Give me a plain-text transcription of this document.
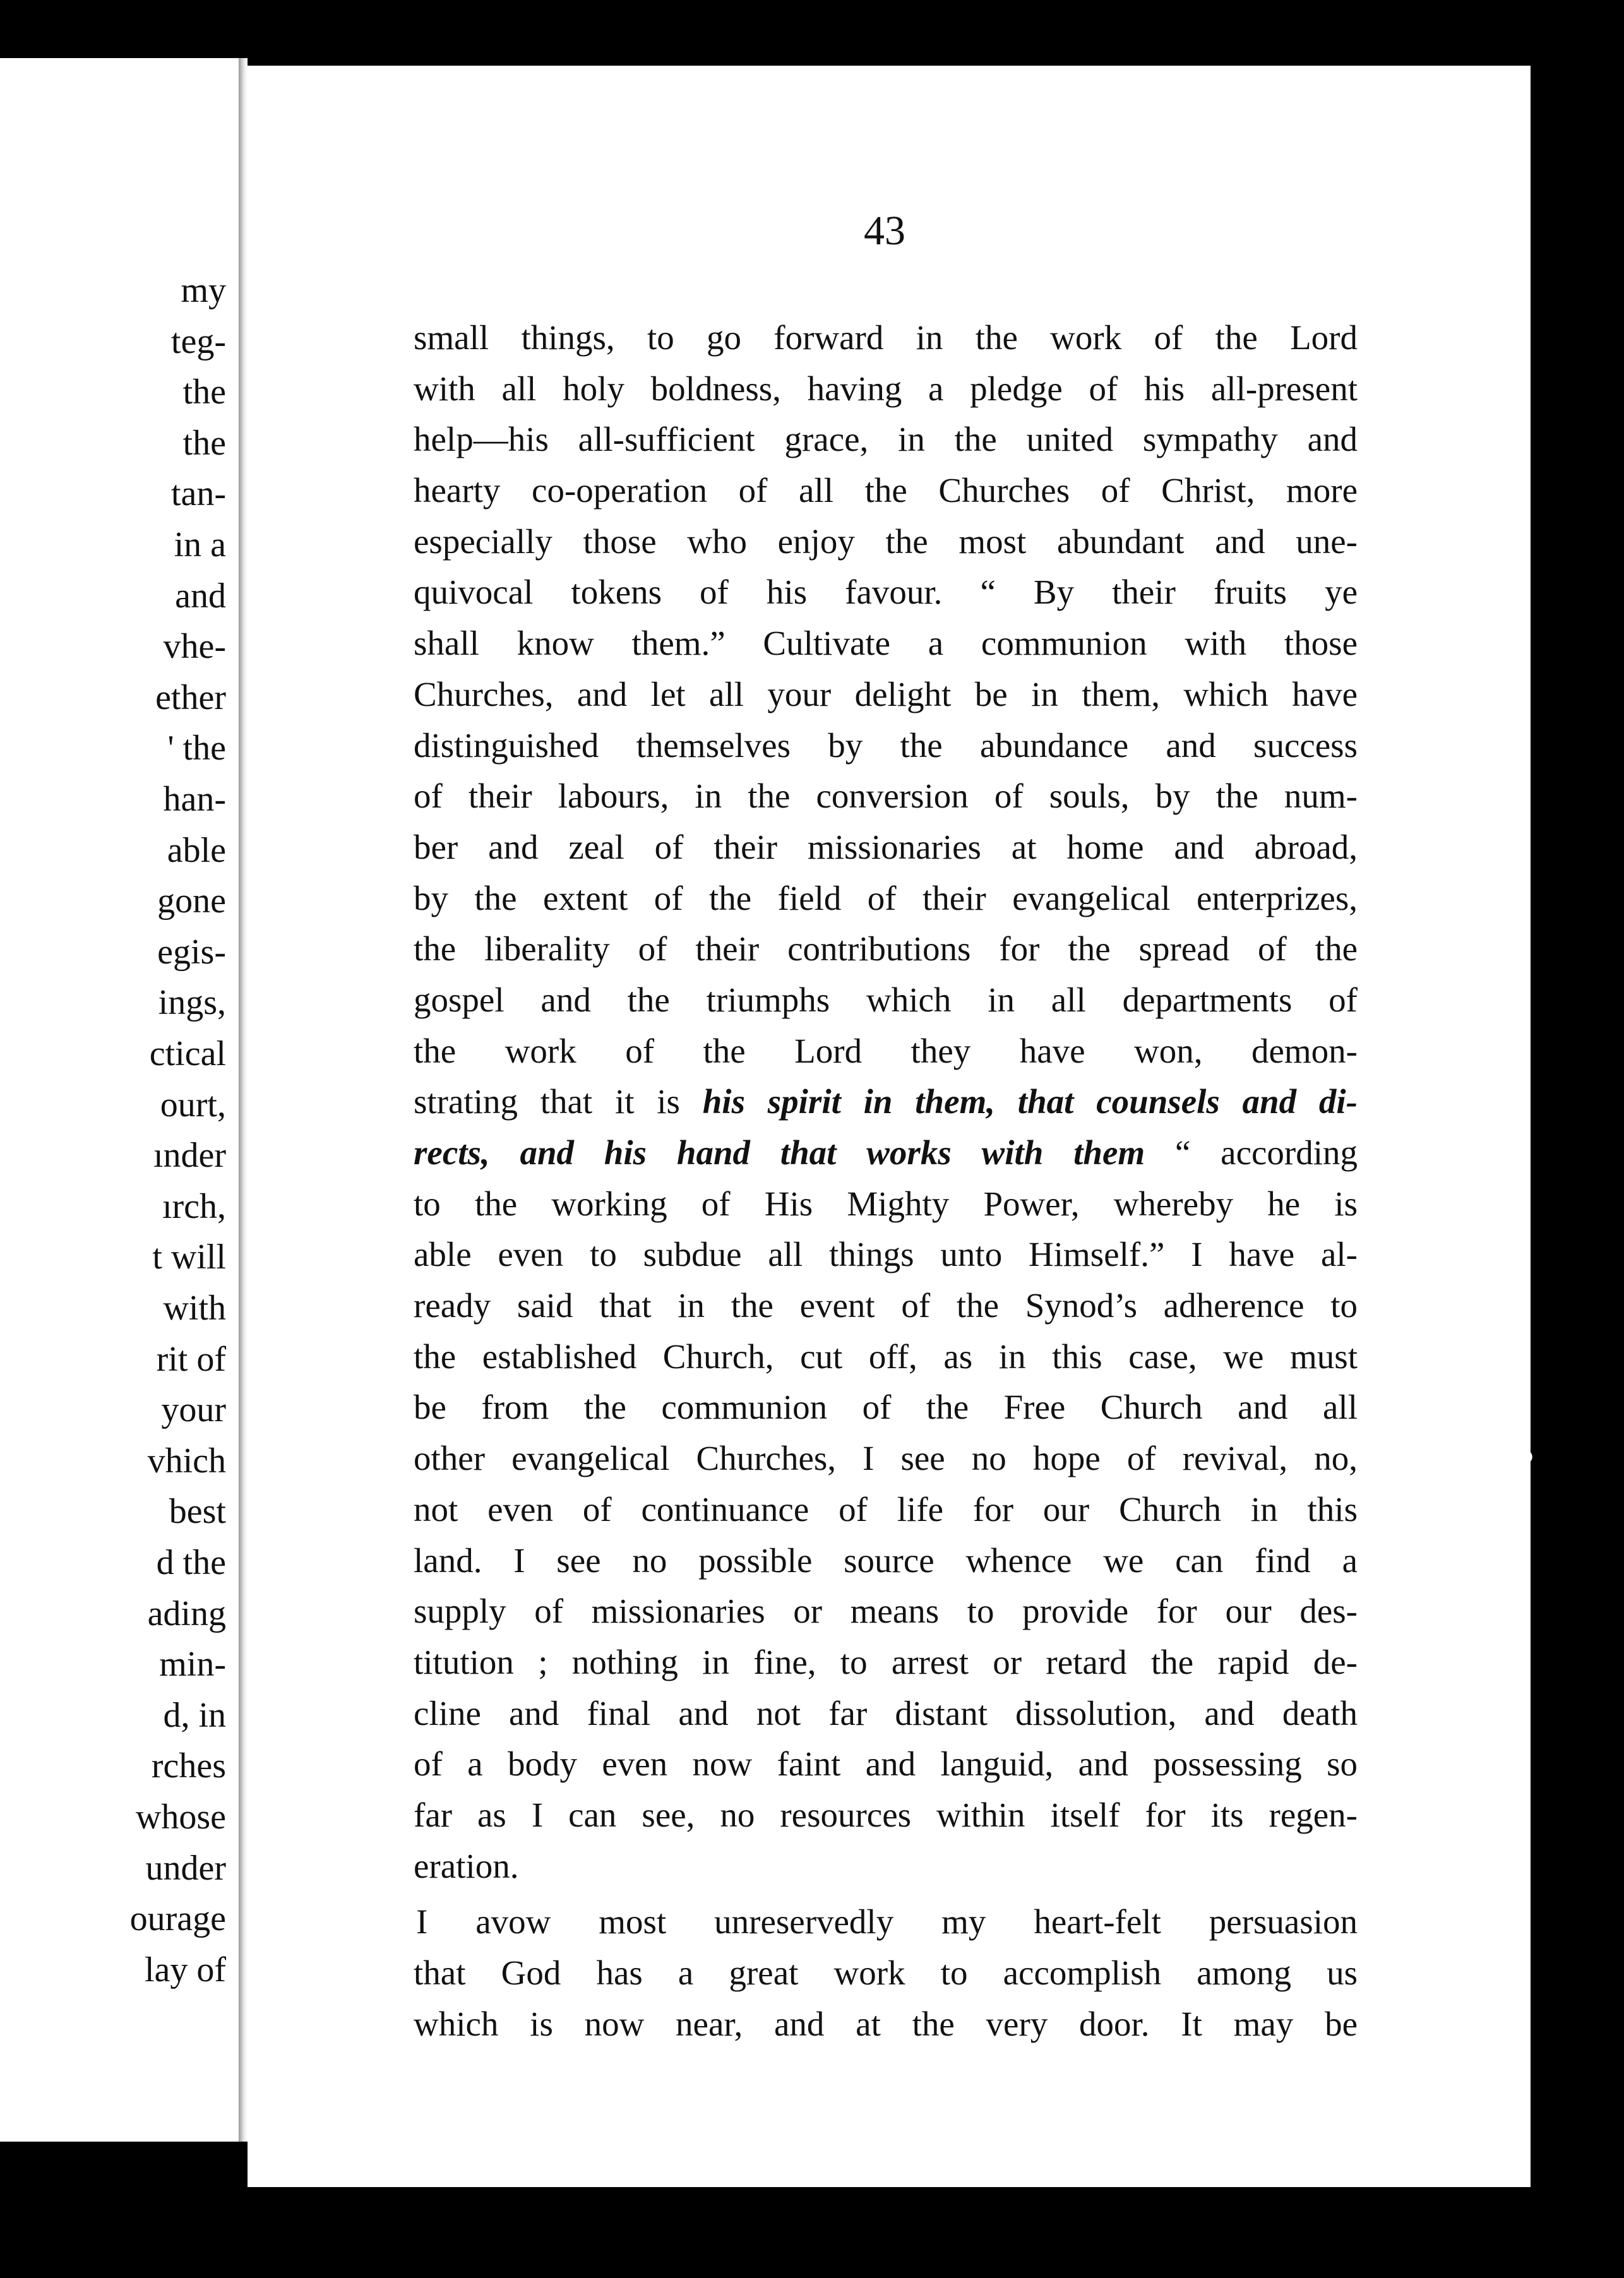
my
teg-
the
the
tan-
in a
and
vhe-
ether
' the
han-
able
gone
egis-
ings,
ctical
ourt,
ınder
ırch,
t will
with
rit of
your
vhich
best
d the
ading
min-
d, in
rches
whose
under
ourage
lay of
43
small things, to go forward in the work of the Lord
with all holy boldness, having a pledge of his all-present
help—his all-sufficient grace, in the united sympathy and
hearty co-operation of all the Churches of Christ, more
especially those who enjoy the most abundant and une-
quivocal tokens of his favour. “ By their fruits ye
shall know them.” Cultivate a communion with those
Churches, and let all your delight be in them, which have
distinguished themselves by the abundance and success
of their labours, in the conversion of souls, by the num-
ber and zeal of their missionaries at home and abroad,
by the extent of the field of their evangelical enterprizes,
the liberality of their contributions for the spread of the
gospel and the triumphs which in all departments of
the work of the Lord they have won, demon-
strating that it is his spirit in them, that counsels and di-
rects, and his hand that works with them “ according
to the working of His Mighty Power, whereby he is
able even to subdue all things unto Himself.” I have al-
ready said that in the event of the Synod’s adherence to
the established Church, cut off, as in this case, we must
be from the communion of the Free Church and all
other evangelical Churches, I see no hope of revival, no,
not even of continuance of life for our Church in this
land. I see no possible source whence we can find a
supply of missionaries or means to provide for our des-
titution ; nothing in fine, to arrest or retard the rapid de-
cline and final and not far distant dissolution, and death
of a body even now faint and languid, and possessing so
far as I can see, no resources within itself for its regen-
eration.
I avow most unreservedly my heart-felt persuasion
that God has a great work to accomplish among us
which is now near, and at the very door. It may be
●
